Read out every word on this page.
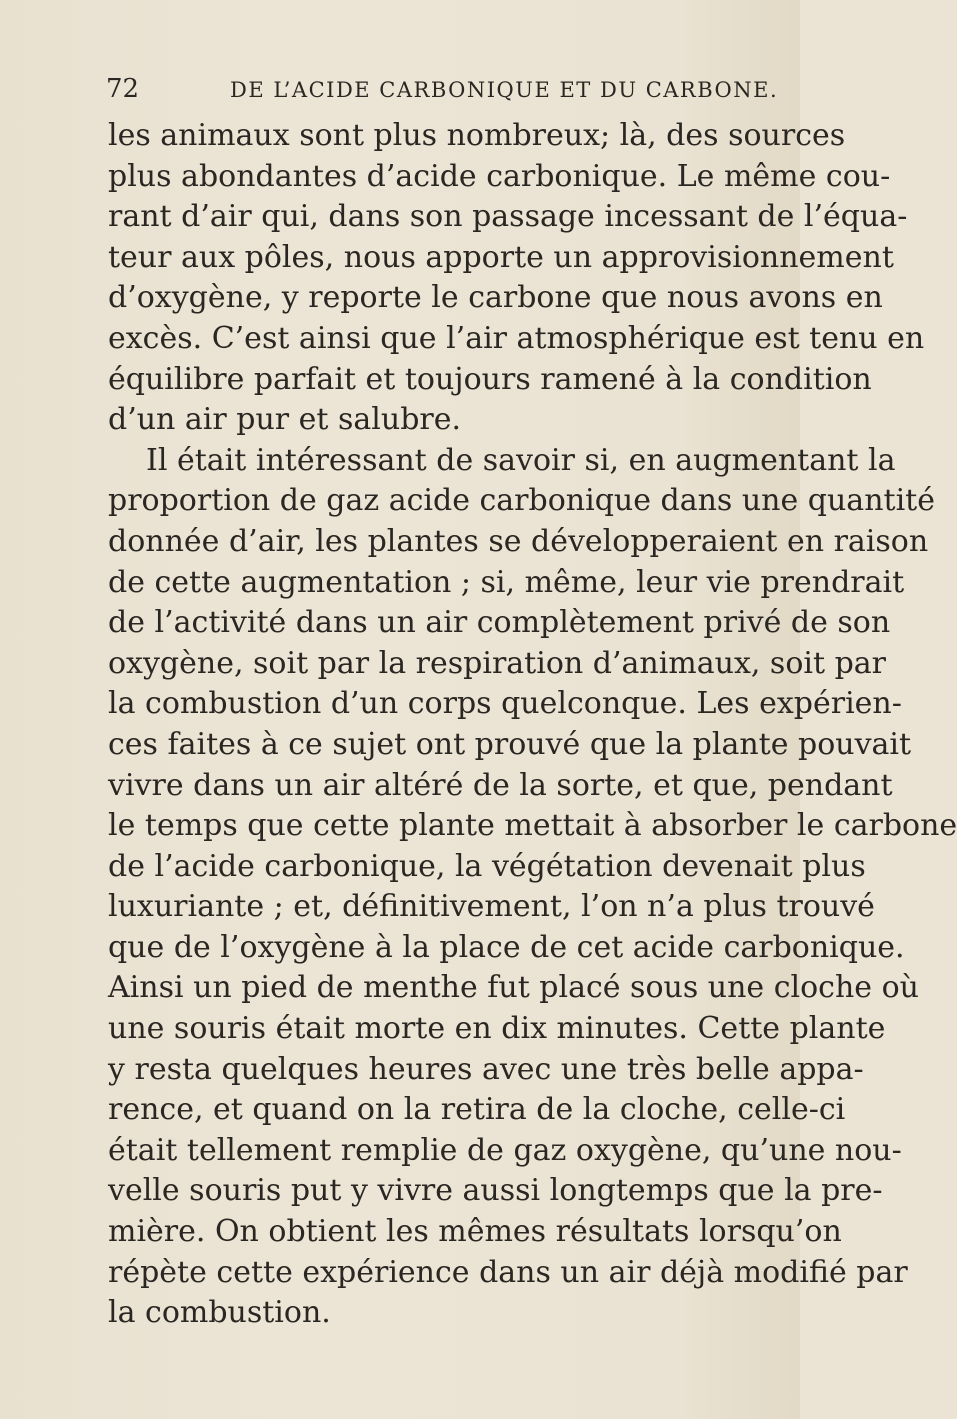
72	DE L’ACIDE CARBONIQUE ET DU CARBONE.
les animaux sont plus nombreux; là, des sources
plus abondantes d’acide carbonique. Le même cou-
rant d’air qui, dans son passage incessant de l’équa-
teur aux pôles, nous apporte un approvisionnement
d’oxygène, y reporte le carbone que nous avons en
excès. C’est ainsi que l’air atmosphérique est tenu en
équilibre parfait et toujours ramené à la condition
d’un air pur et salubre.
Il était intéressant de savoir si, en augmentant la
proportion de gaz acide carbonique dans une quantité
donnée d’air, les plantes se développeraient en raison
de cette augmentation ; si, même, leur vie prendrait
de l’activité dans un air complètement privé de son
oxygène, soit par la respiration d’animaux, soit par
la combustion d’un corps quelconque. Les expérien-
ces faites à ce sujet ont prouvé que la plante pouvait
vivre dans un air altéré de la sorte, et que, pendant
le temps que cette plante mettait à absorber le carbone
de l’acide carbonique, la végétation devenait plus
luxuriante ; et, définitivement, l’on n’a plus trouvé
que de l’oxygène à la place de cet acide carbonique.
Ainsi un pied de menthe fut placé sous une cloche où
une souris était morte en dix minutes. Cette plante
y resta quelques heures avec une très belle appa-
rence, et quand on la retira de la cloche, celle-ci
était tellement remplie de gaz oxygène, qu’une nou-
velle souris put y vivre aussi longtemps que la pre-
mière. On obtient les mêmes résultats lorsqu’on
répète cette expérience dans un air déjà modifié par
la combustion.
